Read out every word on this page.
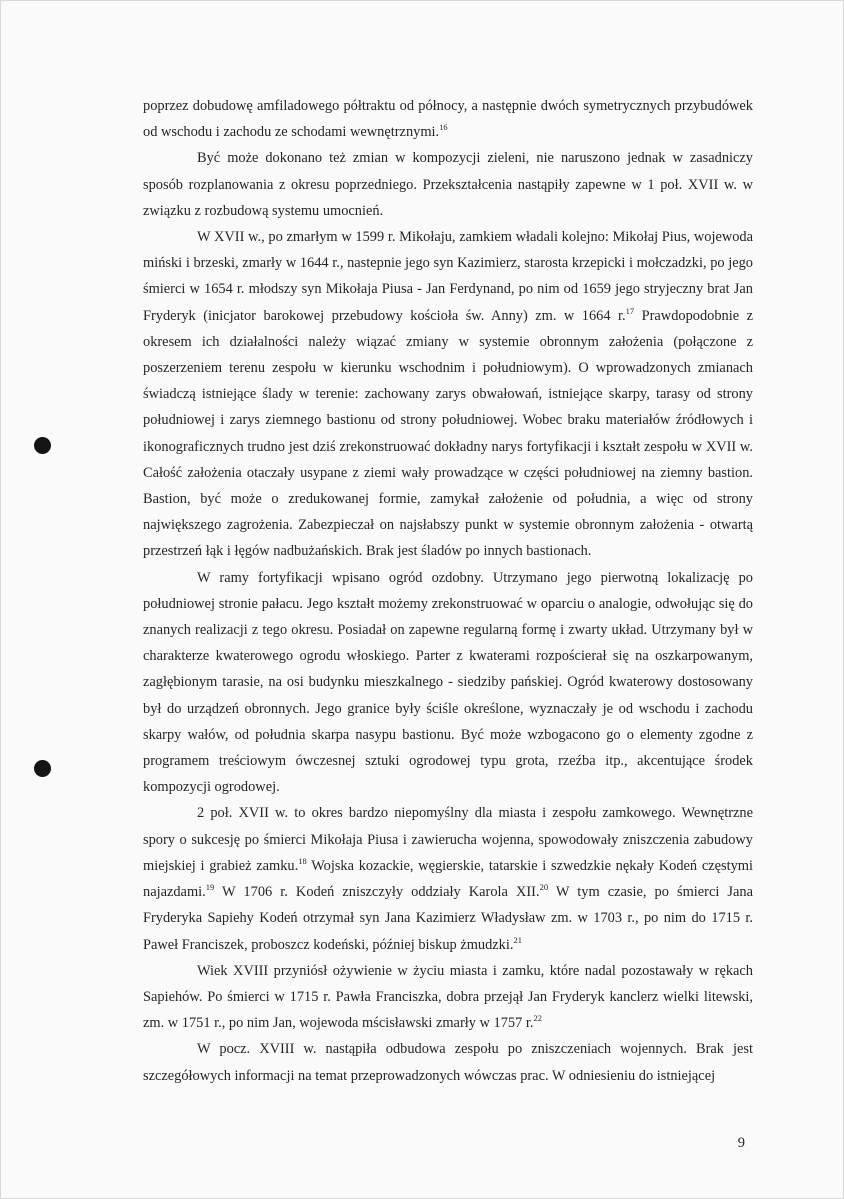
poprzez dobudowę amfiladowego półtraktu od północy, a następnie dwóch symetrycznych przybudówek od wschodu i zachodu ze schodami wewnętrznymi.$^{16}$

Być może dokonano też zmian w kompozycji zieleni, nie naruszono jednak w zasadniczy sposób rozplanowania z okresu poprzedniego. Przekształcenia nastąpiły zapewne w 1 poł. XVII w. w związku z rozbudową systemu umocnień.

W XVII w., po zmarłym w 1599 r. Mikołaju, zamkiem władali kolejno: Mikołaj Pius, wojewoda miński i brzeski, zmarły w 1644 r., nastepnie jego syn Kazimierz, starosta krzepicki i mołczadzki, po jego śmierci w 1654 r. młodszy syn Mikołaja Piusa - Jan Ferdynand, po nim od 1659 jego stryjeczny brat Jan Fryderyk (inicjator barokowej przebudowy kościoła św. Anny) zm. w 1664 r.$^{17}$ Prawdopodobnie z okresem ich działalności należy wiązać zmiany w systemie obronnym założenia (połączone z poszerzeniem terenu zespołu w kierunku wschodnim i południowym). O wprowadzonych zmianach świadczą istniejące ślady w terenie: zachowany zarys obwałowań, istniejące skarpy, tarasy od strony południowej i zarys ziemnego bastionu od strony południowej. Wobec braku materiałów źródłowych i ikonograficznych trudno jest dziś zrekonstruować dokładny narys fortyfikacji i kształt zespołu w XVII w. Całość założenia otaczały usypane z ziemi wały prowadzące w części południowej na ziemny bastion. Bastion, być może o zredukowanej formie, zamykał założenie od południa, a więc od strony największego zagrożenia. Zabezpieczał on najsłabszy punkt w systemie obronnym założenia - otwartą przestrzeń łąk i łęgów nadbużańskich. Brak jest śladów po innych bastionach.

W ramy fortyfikacji wpisano ogród ozdobny. Utrzymano jego pierwotną lokalizację po południowej stronie pałacu. Jego kształt możemy zrekonstruować w oparciu o analogie, odwołując się do znanych realizacji z tego okresu. Posiadał on zapewne regularną formę i zwarty układ. Utrzymany był w charakterze kwaterowego ogrodu włoskiego. Parter z kwaterami rozpościerał się na oszkarpowanym, zagłębionym tarasie, na osi budynku mieszkalnego - siedziby pańskiej. Ogród kwaterowy dostosowany był do urządzeń obronnych. Jego granice były ściśle określone, wyznaczały je od wschodu i zachodu skarpy wałów, od południa skarpa nasypu bastionu. Być może wzbogacono go o elementy zgodne z programem treściowym ówczesnej sztuki ogrodowej typu grota, rzeźba itp., akcentujące środek kompozycji ogrodowej.

2 poł. XVII w. to okres bardzo niepomyślny dla miasta i zespołu zamkowego. Wewnętrzne spory o sukcesję po śmierci Mikołaja Piusa i zawierucha wojenna, spowodowały zniszczenia zabudowy miejskiej i grabież zamku.$^{18}$ Wojska kozackie, węgierskie, tatarskie i szwedzkie nękały Kodeń częstymi najazdami.$^{19}$ W 1706 r. Kodeń zniszczyły oddziały Karola XII.$^{20}$ W tym czasie, po śmierci Jana Fryderyka Sapiehy Kodeń otrzymał syn Jana Kazimierz Władysław zm. w 1703 r., po nim do 1715 r. Paweł Franciszek, proboszcz kodeński, później biskup żmudzki.$^{21}$

Wiek XVIII przyniósł ożywienie w życiu miasta i zamku, które nadal pozostawały w rękach Sapiehów. Po śmierci w 1715 r. Pawła Franciszka, dobra przejął Jan Fryderyk kanclerz wielki litewski, zm. w 1751 r., po nim Jan, wojewoda mścisławski zmarły w 1757 r.$^{22}$

W pocz. XVIII w. nastąpiła odbudowa zespołu po zniszczeniach wojennych. Brak jest szczegółowych informacji na temat przeprowadzonych wówczas prac. W odniesieniu do istniejącej

9
